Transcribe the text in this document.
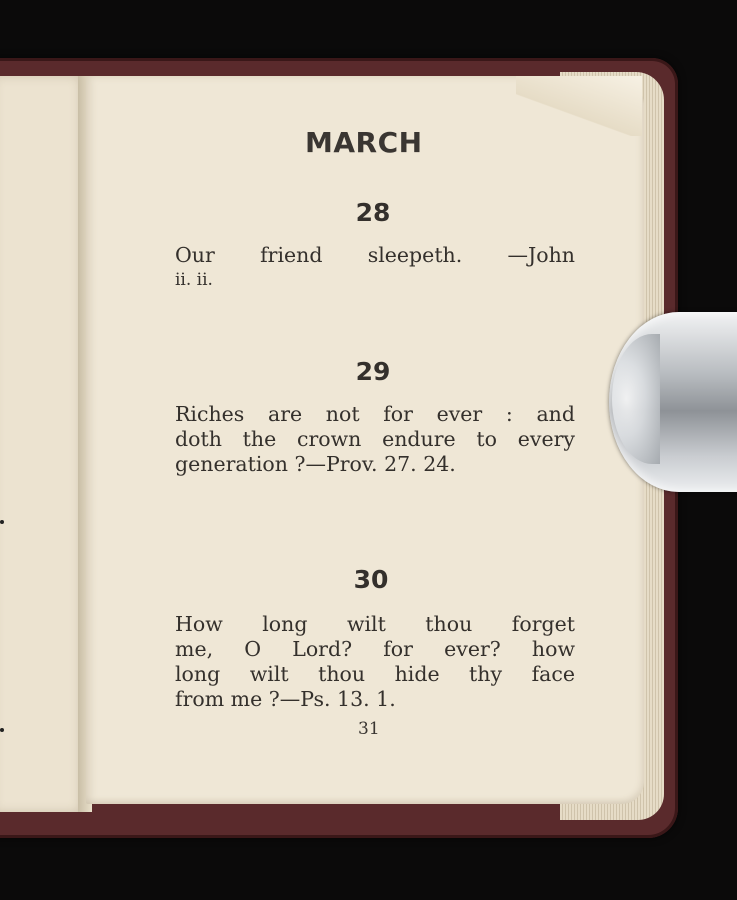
MARCH
28
Our friend sleepeth. —John
ii. ii.
29
Riches are not for ever : and
doth the crown endure to every
generation ?—Prov. 27. 24.
30
How long wilt thou forget
me, O Lord? for ever? how
long wilt thou hide thy face
from me ?—Ps. 13. 1.
31
